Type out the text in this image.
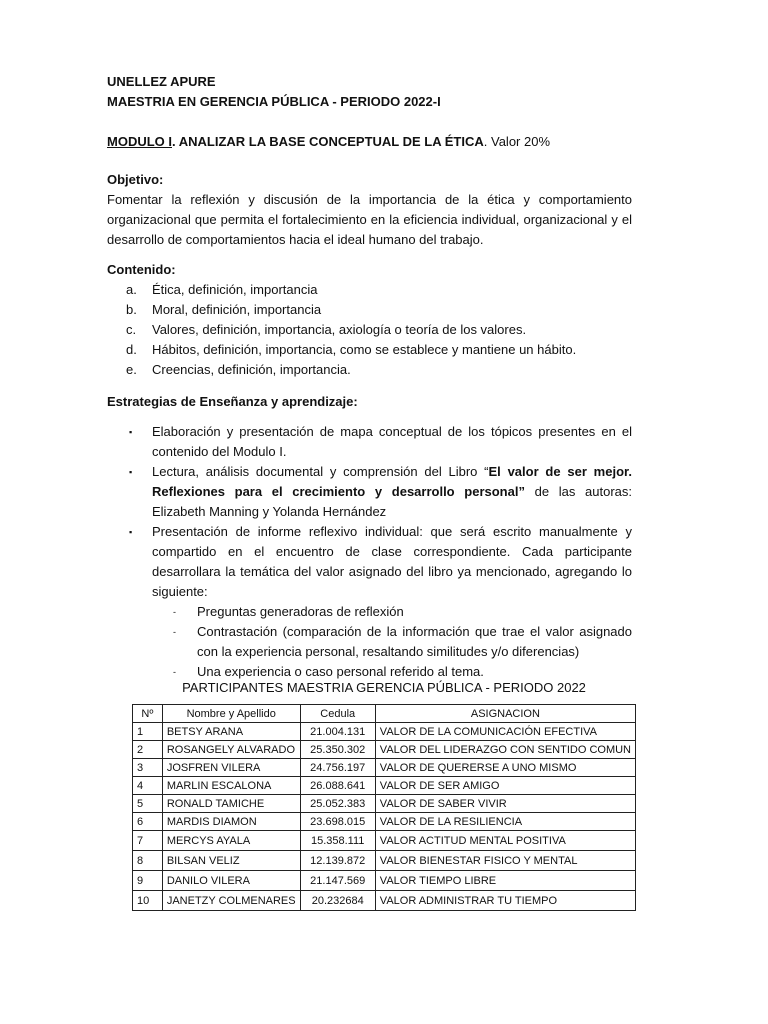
UNELLEZ APURE
MAESTRIA EN GERENCIA PÚBLICA - PERIODO 2022-I
MODULO I. ANALIZAR LA BASE CONCEPTUAL DE LA ÉTICA. Valor 20%
Objetivo:
Fomentar la reflexión y discusión de la importancia de la ética y comportamiento organizacional que permita el fortalecimiento en la eficiencia individual, organizacional y el desarrollo de comportamientos hacia el ideal humano del trabajo.
Contenido:
a.	Ética, definición, importancia
b.	Moral, definición, importancia
c.	Valores, definición, importancia, axiología o teoría de los valores.
d.	Hábitos, definición, importancia, como se establece y mantiene un hábito.
e.	Creencias, definición, importancia.
Estrategias de Enseñanza y aprendizaje:
▪	Elaboración y presentación de mapa conceptual de los tópicos presentes en el contenido del Modulo I.
▪	Lectura, análisis documental y comprensión del Libro “El valor de ser mejor. Reflexiones para el crecimiento y desarrollo personal” de las autoras: Elizabeth Manning y Yolanda Hernández
▪	Presentación de informe reflexivo individual: que será escrito manualmente y compartido en el encuentro de clase correspondiente. Cada participante desarrollara la temática del valor asignado del libro ya mencionado, agregando lo siguiente:
-	Preguntas generadoras de reflexión
-	Contrastación (comparación de la información que trae el valor asignado con la experiencia personal, resaltando similitudes y/o diferencias)
-	Una experiencia o caso personal referido al tema.
PARTICIPANTES MAESTRIA GERENCIA PÚBLICA - PERIODO 2022
Nº	Nombre y Apellido	Cedula	ASIGNACION
1	BETSY ARANA	21.004.131	VALOR DE LA COMUNICACIÓN EFECTIVA
2	ROSANGELY ALVARADO	25.350.302	VALOR DEL LIDERAZGO CON SENTIDO COMUN
3	JOSFREN VILERA	24.756.197	VALOR DE QUERERSE A UNO MISMO
4	MARLIN ESCALONA	26.088.641	VALOR DE SER AMIGO
5	RONALD TAMICHE	25.052.383	VALOR DE SABER VIVIR
6	MARDIS DIAMON	23.698.015	VALOR DE LA RESILIENCIA
7	MERCYS AYALA	15.358.111	VALOR ACTITUD MENTAL POSITIVA
8	BILSAN VELIZ	12.139.872	VALOR BIENESTAR FISICO Y MENTAL
9	DANILO VILERA	21.147.569	VALOR TIEMPO LIBRE
10	JANETZY COLMENARES	20.232684	VALOR ADMINISTRAR TU TIEMPO
